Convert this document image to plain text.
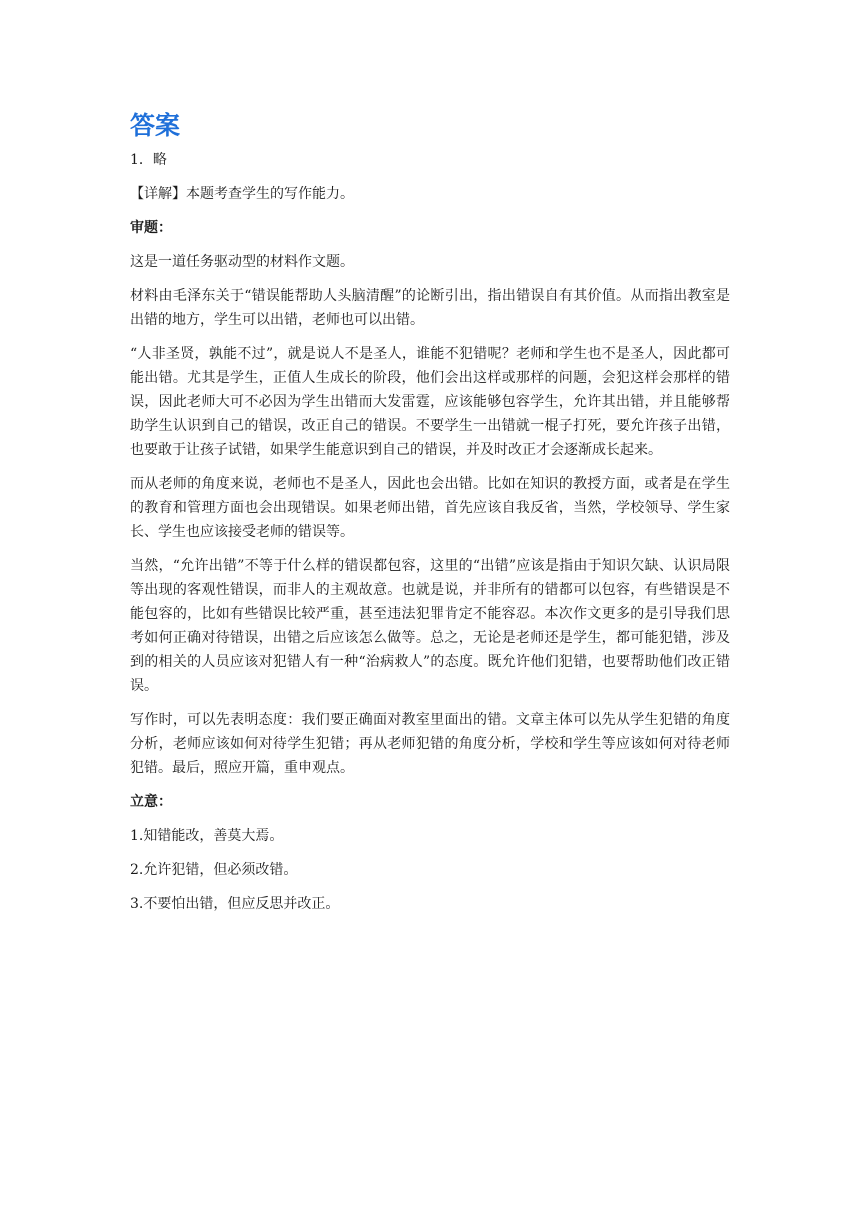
答案

1．略

【详解】本题考查学生的写作能力。

审题：

这是一道任务驱动型的材料作文题。

材料由毛泽东关于“错误能帮助人头脑清醒”的论断引出，指出错误自有其价值。从而指出教室是出错的地方，学生可以出错，老师也可以出错。

“人非圣贤，孰能不过”，就是说人不是圣人，谁能不犯错呢？老师和学生也不是圣人，因此都可能出错。尤其是学生，正值人生成长的阶段，他们会出这样或那样的问题，会犯这样会那样的错误，因此老师大可不必因为学生出错而大发雷霆，应该能够包容学生，允许其出错，并且能够帮助学生认识到自己的错误，改正自己的错误。不要学生一出错就一棍子打死，要允许孩子出错，也要敢于让孩子试错，如果学生能意识到自己的错误，并及时改正才会逐渐成长起来。

而从老师的角度来说，老师也不是圣人，因此也会出错。比如在知识的教授方面，或者是在学生的教育和管理方面也会出现错误。如果老师出错，首先应该自我反省，当然，学校领导、学生家长、学生也应该接受老师的错误等。

当然，“允许出错”不等于什么样的错误都包容，这里的“出错”应该是指由于知识欠缺、认识局限等出现的客观性错误，而非人的主观故意。也就是说，并非所有的错都可以包容，有些错误是不能包容的，比如有些错误比较严重，甚至违法犯罪肯定不能容忍。本次作文更多的是引导我们思考如何正确对待错误，出错之后应该怎么做等。总之，无论是老师还是学生，都可能犯错，涉及到的相关的人员应该对犯错人有一种“治病救人”的态度。既允许他们犯错，也要帮助他们改正错误。

写作时，可以先表明态度：我们要正确面对教室里面出的错。文章主体可以先从学生犯错的角度分析，老师应该如何对待学生犯错；再从老师犯错的角度分析，学校和学生等应该如何对待老师犯错。最后，照应开篇，重申观点。

立意：

1.知错能改，善莫大焉。

2.允许犯错，但必须改错。

3.不要怕出错，但应反思并改正。
